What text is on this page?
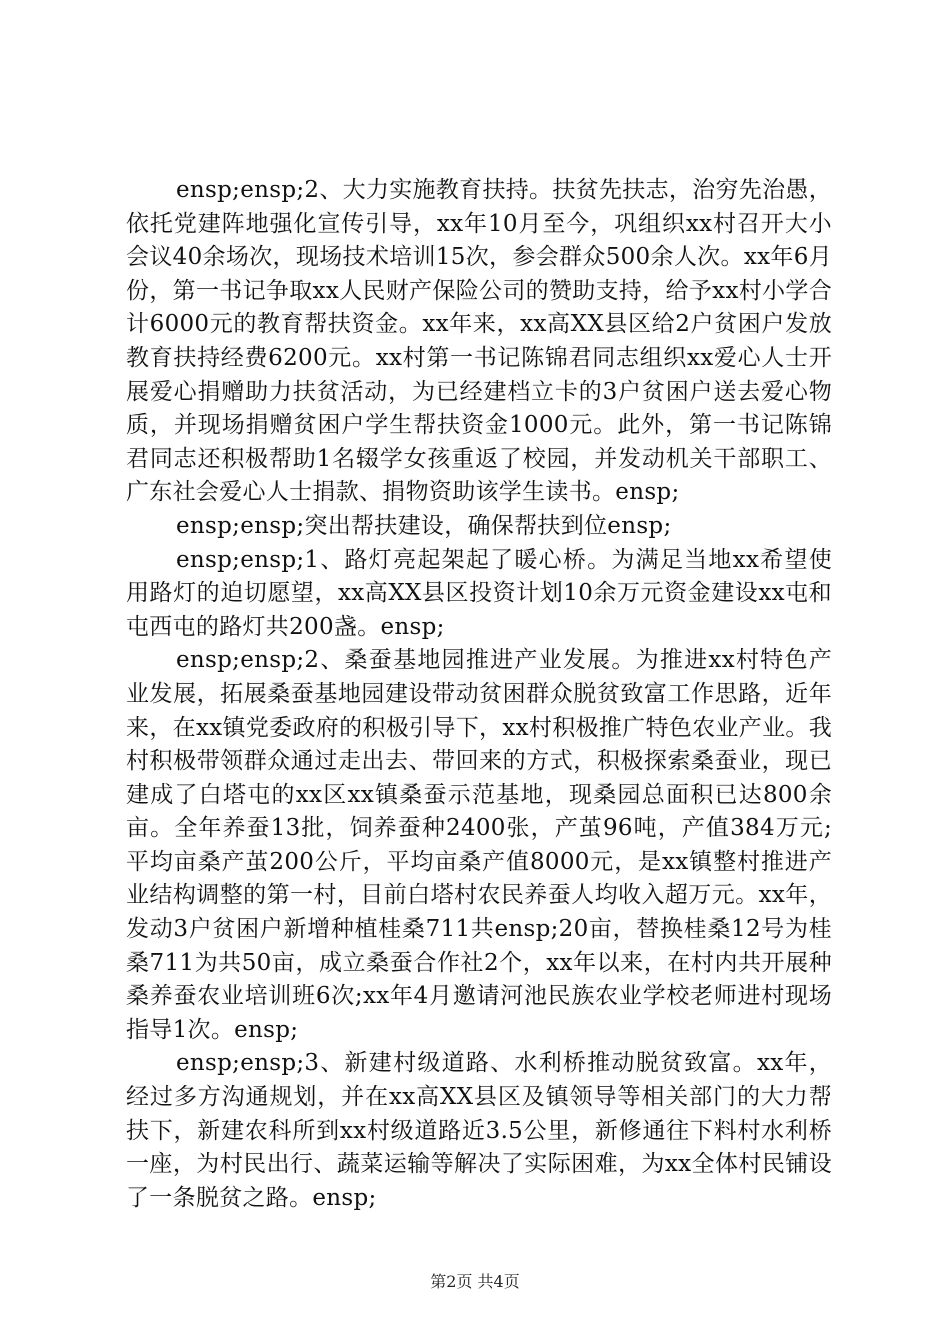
ensp;ensp;2、大力实施教育扶持。扶贫先扶志，治穷先治愚，依托党建阵地强化宣传引导，xx年10月至今，巩组织xx村召开大小会议40余场次，现场技术培训15次，参会群众500余人次。xx年6月份，第一书记争取xx人民财产保险公司的赞助支持，给予xx村小学合计6000元的教育帮扶资金。xx年来，xx高XX县区给2户贫困户发放教育扶持经费6200元。xx村第一书记陈锦君同志组织xx爱心人士开展爱心捐赠助力扶贫活动，为已经建档立卡的3户贫困户送去爱心物质，并现场捐赠贫困户学生帮扶资金1000元。此外，第一书记陈锦君同志还积极帮助1名辍学女孩重返了校园，并发动机关干部职工、广东社会爱心人士捐款、捐物资助该学生读书。ensp;

ensp;ensp;突出帮扶建设，确保帮扶到位ensp;

ensp;ensp;1、路灯亮起架起了暖心桥。为满足当地xx希望使用路灯的迫切愿望，xx高XX县区投资计划10余万元资金建设xx屯和屯西屯的路灯共200盏。ensp;

ensp;ensp;2、桑蚕基地园推进产业发展。为推进xx村特色产业发展，拓展桑蚕基地园建设带动贫困群众脱贫致富工作思路，近年来，在xx镇党委政府的积极引导下，xx村积极推广特色农业产业。我村积极带领群众通过走出去、带回来的方式，积极探索桑蚕业，现已建成了白塔屯的xx区xx镇桑蚕示范基地，现桑园总面积已达800余亩。全年养蚕13批，饲养蚕种2400张，产茧96吨，产值384万元;平均亩桑产茧200公斤，平均亩桑产值8000元，是xx镇整村推进产业结构调整的第一村，目前白塔村农民养蚕人均收入超万元。xx年，发动3户贫困户新增种植桂桑711共ensp;20亩，替换桂桑12号为桂桑711为共50亩，成立桑蚕合作社2个，xx年以来，在村内共开展种桑养蚕农业培训班6次;xx年4月邀请河池民族农业学校老师进村现场指导1次。ensp;

ensp;ensp;3、新建村级道路、水利桥推动脱贫致富。xx年，经过多方沟通规划，并在xx高XX县区及镇领导等相关部门的大力帮扶下，新建农科所到xx村级道路近3.5公里，新修通往下料村水利桥一座，为村民出行、蔬菜运输等解决了实际困难，为xx全体村民铺设了一条脱贫之路。ensp;

第2页 共4页
